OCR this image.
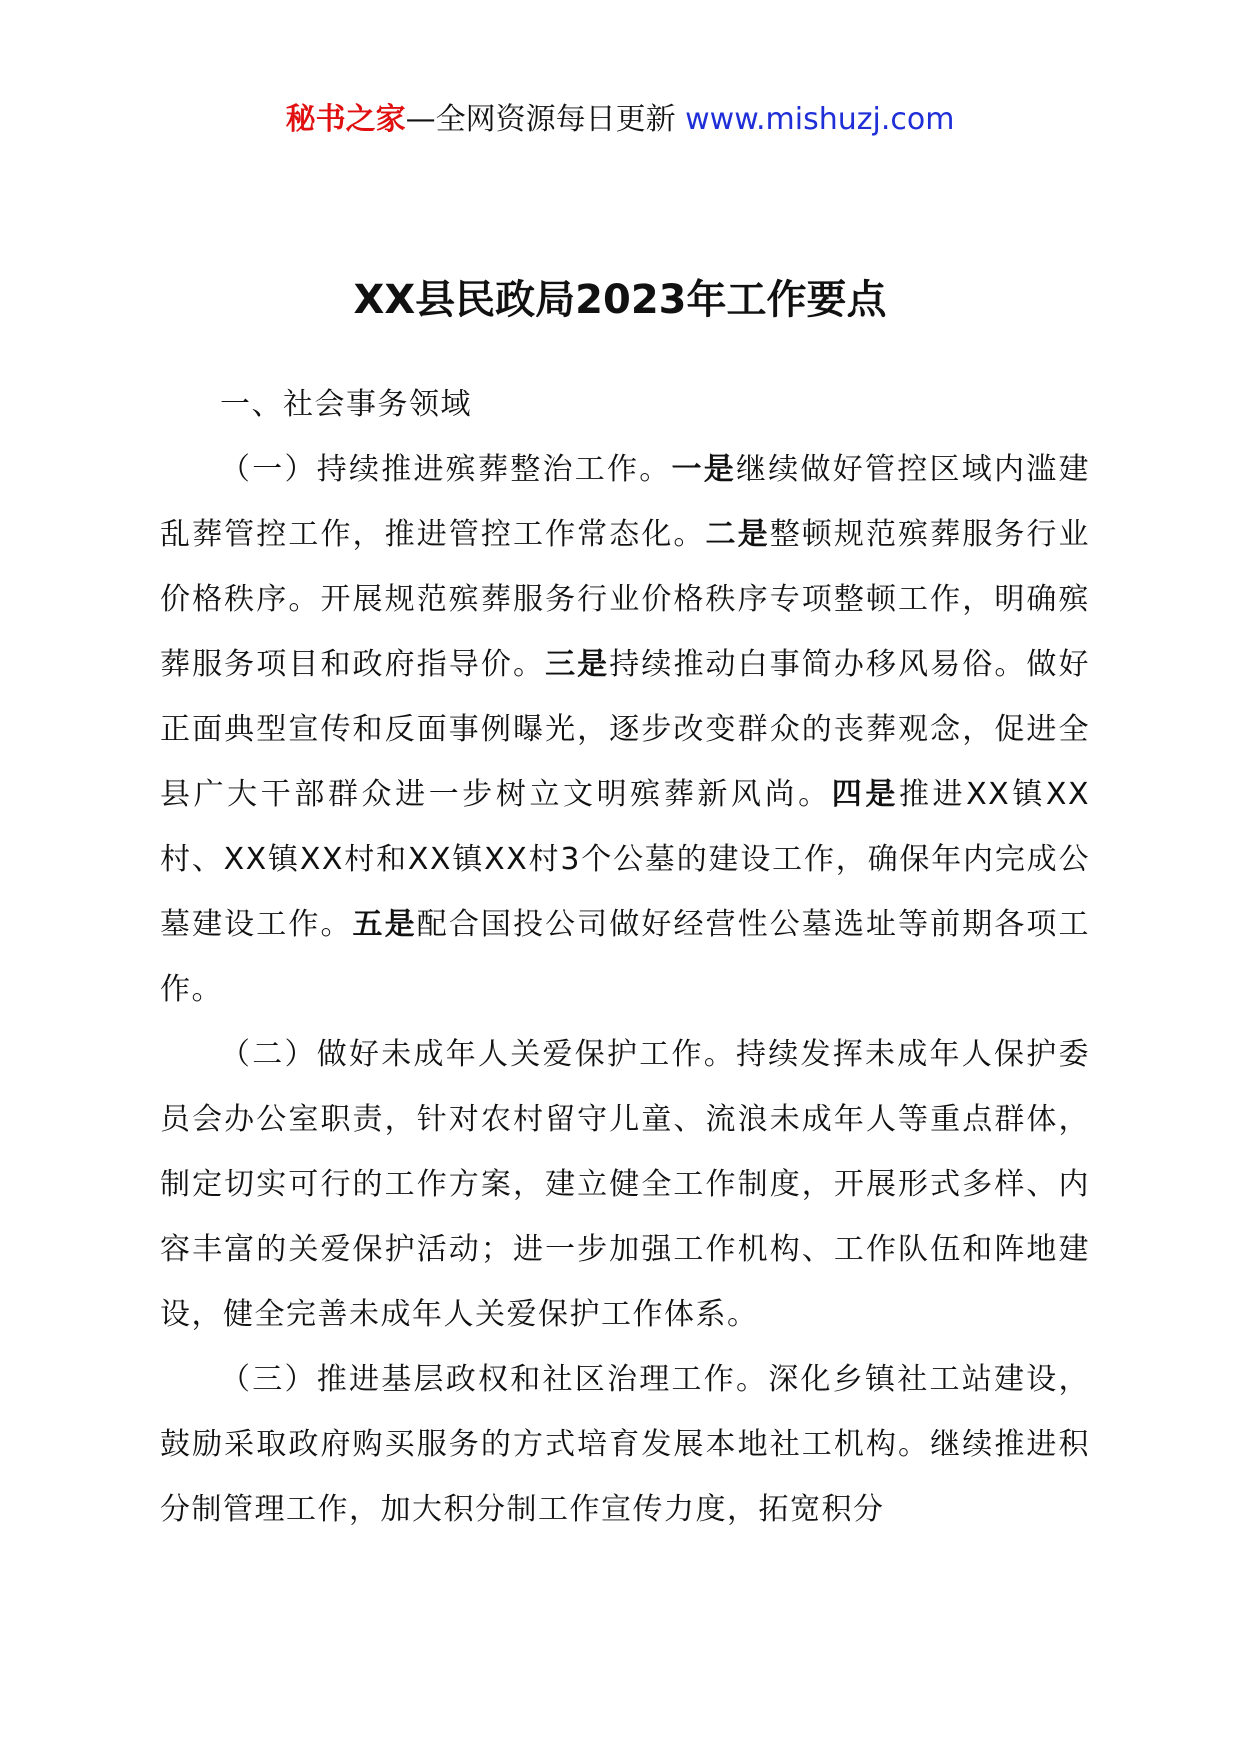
秘书之家—全网资源每日更新 www.mishuzj.com
XX县民政局2023年工作要点

一、社会事务领域

（一）持续推进殡葬整治工作。一是继续做好管控区域内滥建乱葬管控工作，推进管控工作常态化。二是整顿规范殡葬服务行业价格秩序。开展规范殡葬服务行业价格秩序专项整顿工作，明确殡葬服务项目和政府指导价。三是持续推动白事简办移风易俗。做好正面典型宣传和反面事例曝光，逐步改变群众的丧葬观念，促进全县广大干部群众进一步树立文明殡葬新风尚。四是推进XX镇XX村、XX镇XX村和XX镇XX村3个公墓的建设工作，确保年内完成公墓建设工作。五是配合国投公司做好经营性公墓选址等前期各项工作。

（二）做好未成年人关爱保护工作。持续发挥未成年人保护委员会办公室职责，针对农村留守儿童、流浪未成年人等重点群体，制定切实可行的工作方案，建立健全工作制度，开展形式多样、内容丰富的关爱保护活动；进一步加强工作机构、工作队伍和阵地建设，健全完善未成年人关爱保护工作体系。

（三）推进基层政权和社区治理工作。深化乡镇社工站建设，鼓励采取政府购买服务的方式培育发展本地社工机构。继续推进积分制管理工作，加大积分制工作宣传力度，拓宽积分
